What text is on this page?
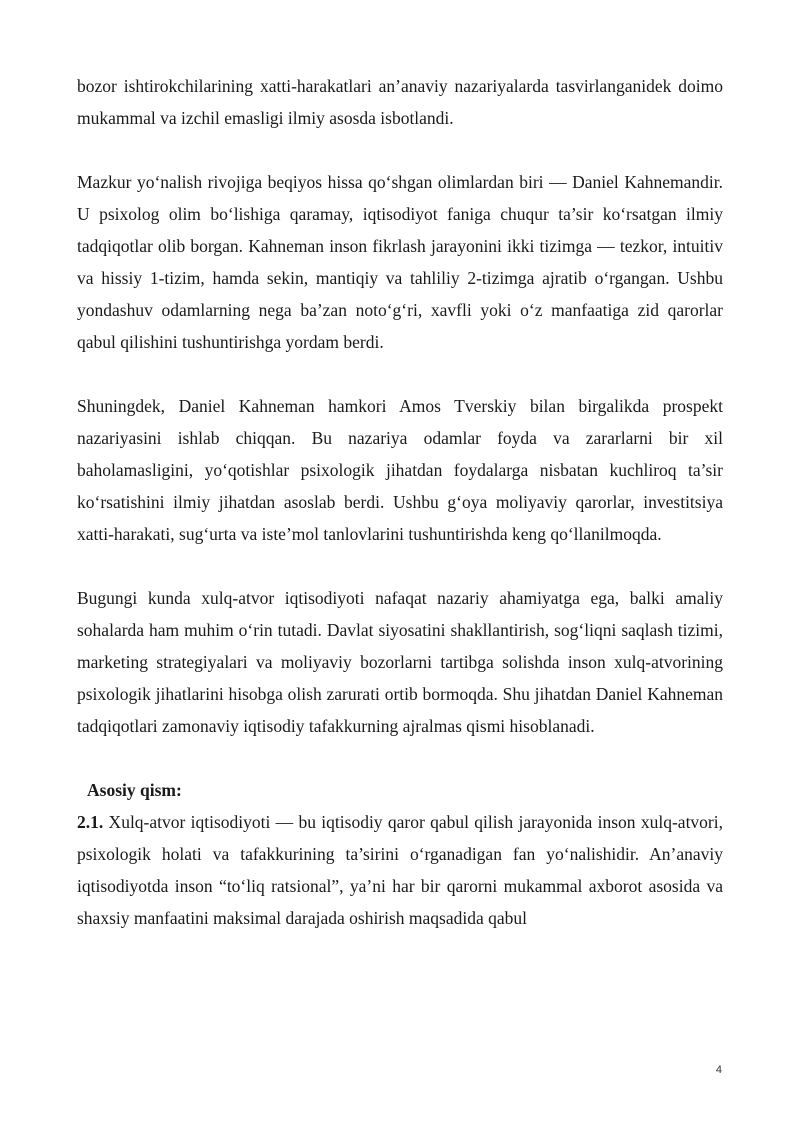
bozor ishtirokchilarining xatti-harakatlari an’anaviy nazariyalarda tasvirlanganidek doimo mukammal va izchil emasligi ilmiy asosda isbotlandi.

Mazkur yo‘nalish rivojiga beqiyos hissa qo‘shgan olimlardan biri — Daniel Kahnemandir. U psixolog olim bo‘lishiga qaramay, iqtisodiyot faniga chuqur ta’sir ko‘rsatgan ilmiy tadqiqotlar olib borgan. Kahneman inson fikrlash jarayonini ikki tizimga — tezkor, intuitiv va hissiy 1-tizim, hamda sekin, mantiqiy va tahliliy 2-tizimga ajratib o‘rgangan. Ushbu yondashuv odamlarning nega ba’zan noto‘g‘ri, xavfli yoki o‘z manfaatiga zid qarorlar qabul qilishini tushuntirishga yordam berdi.

Shuningdek, Daniel Kahneman hamkori Amos Tverskiy bilan birgalikda prospekt nazariyasini ishlab chiqqan. Bu nazariya odamlar foyda va zararlarni bir xil baholamasligini, yo‘qotishlar psixologik jihatdan foydalarga nisbatan kuchliroq ta’sir ko‘rsatishini ilmiy jihatdan asoslab berdi. Ushbu g‘oya moliyaviy qarorlar, investitsiya xatti-harakati, sug‘urta va iste’mol tanlovlarini tushuntirishda keng qo‘llanilmoqda.

Bugungi kunda xulq-atvor iqtisodiyoti nafaqat nazariy ahamiyatga ega, balki amaliy sohalarda ham muhim o‘rin tutadi. Davlat siyosatini shakllantirish, sog‘liqni saqlash tizimi, marketing strategiyalari va moliyaviy bozorlarni tartibga solishda inson xulq-atvorining psixologik jihatlarini hisobga olish zarurati ortib bormoqda. Shu jihatdan Daniel Kahneman tadqiqotlari zamonaviy iqtisodiy tafakkurning ajralmas qismi hisoblanadi.

Asosiy qism:

2.1. Xulq-atvor iqtisodiyoti — bu iqtisodiy qaror qabul qilish jarayonida inson xulq-atvori, psixologik holati va tafakkurining ta’sirini o‘rganadigan fan yo‘nalishidir. An’anaviy iqtisodiyotda inson “to‘liq ratsional”, ya’ni har bir qarorni mukammal axborot asosida va shaxsiy manfaatini maksimal darajada oshirish maqsadida qabul

4
